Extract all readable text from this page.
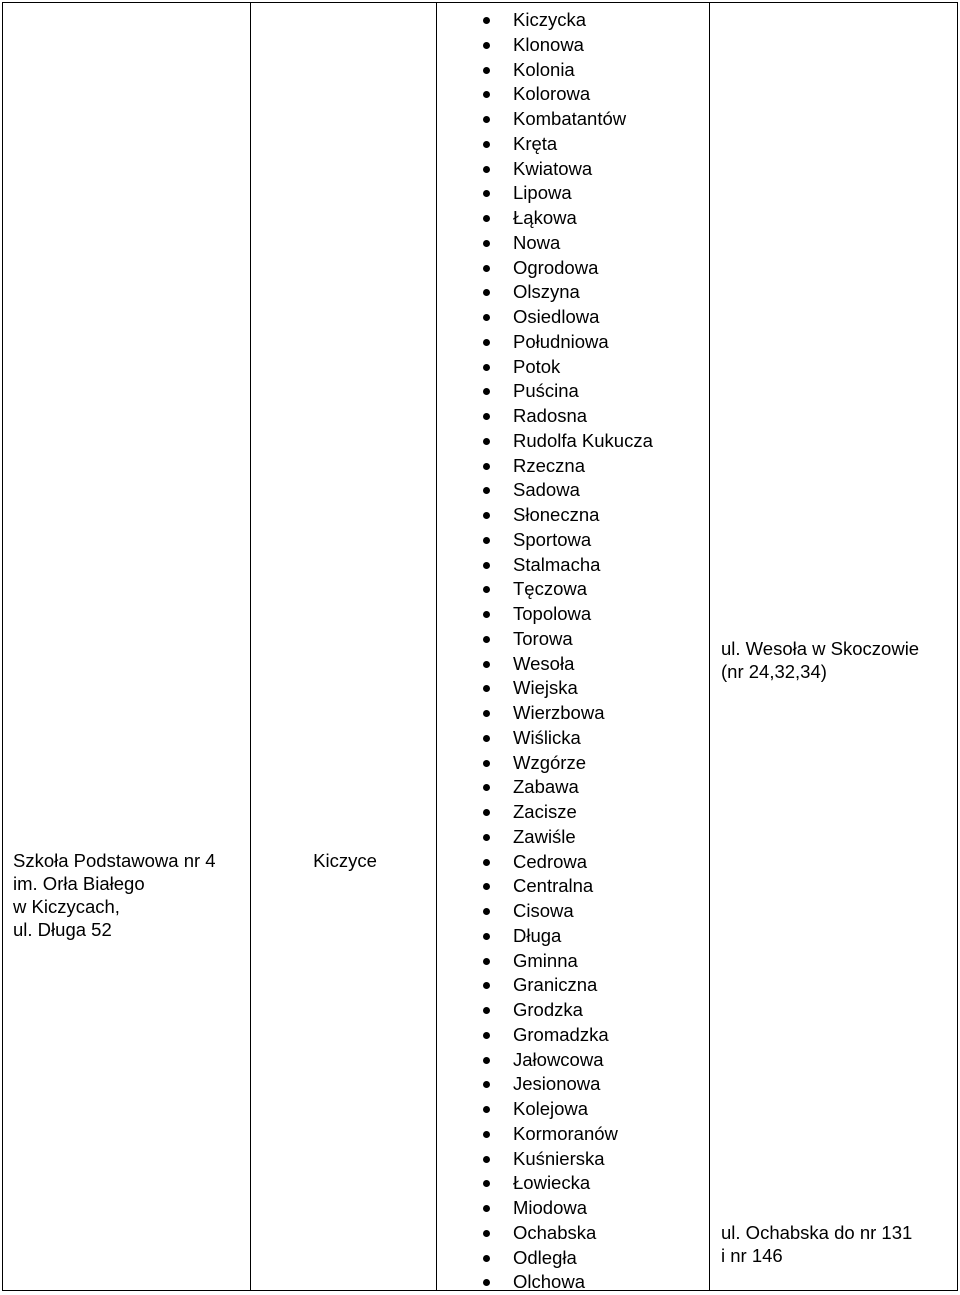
Szkoła Podstawowa nr 4
im. Orła Białego
w Kiczycach,
ul. Długa 52
Kiczyce
Kiczycka
Klonowa
Kolonia
Kolorowa
Kombatantów
Kręta
Kwiatowa
Lipowa
Łąkowa
Nowa
Ogrodowa
Olszyna
Osiedlowa
Południowa
Potok
Puścina
Radosna
Rudolfa Kukucza
Rzeczna
Sadowa
Słoneczna
Sportowa
Stalmacha
Tęczowa
Topolowa
Torowa
Wesoła
Wiejska
Wierzbowa
Wiślicka
Wzgórze
Zabawa
Zacisze
Zawiśle
Cedrowa
Centralna
Cisowa
Długa
Gminna
Graniczna
Grodzka
Gromadzka
Jałowcowa
Jesionowa
Kolejowa
Kormoranów
Kuśnierska
Łowiecka
Miodowa
Ochabska
Odległa
Olchowa
ul. Wesoła w Skoczowie
(nr 24,32,34)
ul. Ochabska do nr 131
i nr 146
